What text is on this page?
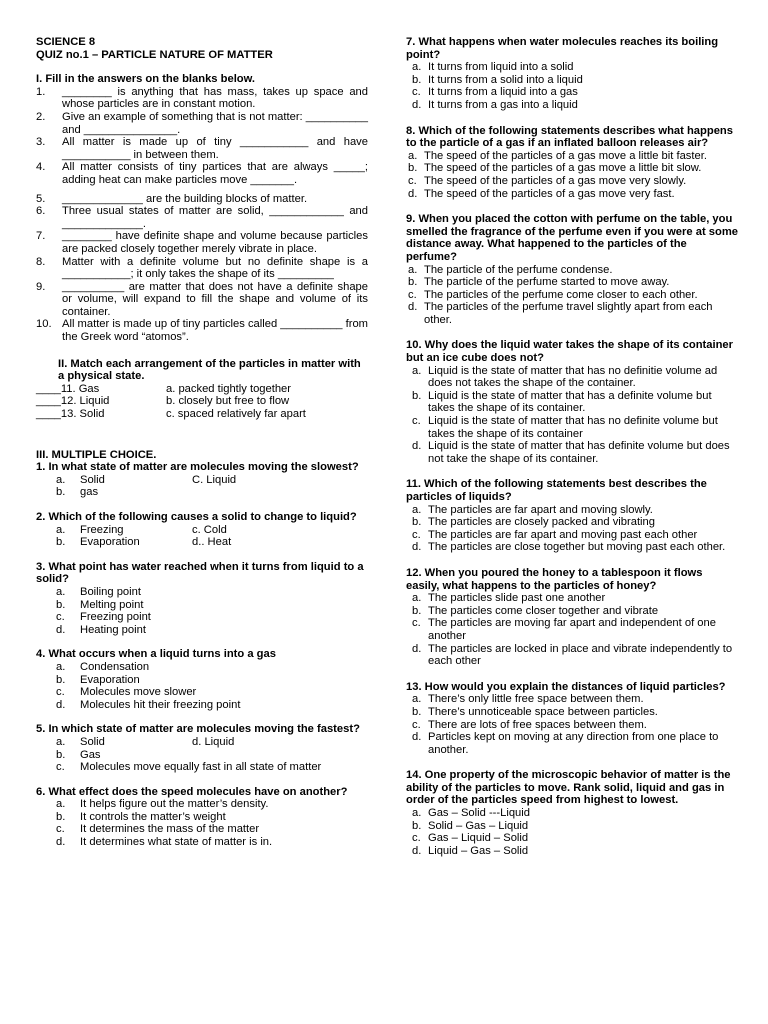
SCIENCE 8
QUIZ no.1 – PARTICLE NATURE OF MATTER
I. Fill in the answers on the blanks below.
1.	________ is anything that has mass, takes up space and whose particles are in constant motion.
2.	Give an example of something that is not matter: __________ and _______________.
3.	All matter is made up of tiny ___________ and have ___________ in between them.
4.	All matter consists of tiny partices that are always _____; adding heat can make particles move _______.
5.	_____________ are the building blocks of matter.
6.	Three usual states of matter are solid, ____________ and _____________.
7.	________ have definite shape and volume because particles are packed closely together merely vibrate in place.
8.	Matter with a definite volume but no definite shape is a ___________; it only takes the shape of its _________
9.	__________ are matter that does not have a definite shape or volume, will expand to fill the shape and volume of its container.
10. All matter is made up of tiny particles called __________ from the Greek word “atomos”.
II. Match each arrangement of the particles in matter with a physical state.
____11. Gas	a. packed tightly together
____12. Liquid	b. closely but free to flow
____13. Solid	c. spaced relatively far apart
III. MULTIPLE CHOICE.
1. In what state of matter are molecules moving the slowest?
a.	Solid	C. Liquid
b.	gas
2. Which of the following causes a solid to change to liquid?
a.	Freezing	c. Cold
b.	Evaporation	d.. Heat
3. What point has water reached when it turns from liquid to a solid?
a.	Boiling point
b.	Melting point
c.	Freezing point
d.	Heating point
4. What occurs when a liquid turns into a gas
a.	Condensation
b.	Evaporation
c.	Molecules move slower
d.	Molecules hit their freezing point
5. In which state of matter are molecules moving the fastest?
a.	Solid	d. Liquid
b.	Gas
c.	Molecules move equally fast in all state of matter
6. What effect does the speed molecules have on another?
a.	It helps figure out the matter’s density.
b.	It controls the matter’s weight
c.	It determines the mass of the matter
d.	It determines what state of matter is in.
7. What happens when water molecules reaches its boiling point?
a. It turns from liquid into a solid
b. It turns from a solid into a liquid
c. It turns from a liquid into a gas
d. It turns from a gas into a liquid
8. Which of the following statements describes what happens to the particle of a gas if an inflated balloon releases air?
a. The speed of the particles of a gas move a little bit faster.
b. The speed of the particles of a gas move a little bit slow.
c. The speed of the particles of a gas move very slowly.
d. The speed of the particles of a gas move very fast.
9. When you placed the cotton with perfume on the table, you smelled the fragrance of the perfume even if you were at some distance away. What happened to the particles of the perfume?
a. The particle of the perfume condense.
b. The particle of the perfume started to move away.
c. The particles of the perfume come closer to each other.
d. The particles of the perfume travel slightly apart from each other.
10. Why does the liquid water takes the shape of its container but an ice cube does not?
a. Liquid is the state of matter that has no definitie volume ad does not takes the shape of the container.
b. Liquid is the state of matter that has a definite volume but takes the shape of its container.
c. Liquid is the state of matter that has no definite volume but takes the shape of its container
d. Liquid is the state of matter that has definite volume but does not take the shape of its container.
11. Which of the following statements best describes the particles of liquids?
a. The particles are far apart and moving slowly.
b. The particles are closely packed and vibrating
c. The particles are far apart and moving past each other
d. The particles are close together but moving past each other.
12. When you poured the honey to a tablespoon it flows easily, what happens to the particles of honey?
a. The particles slide past one another
b. The particles come closer together and vibrate
c. The particles are moving far apart and independent of one another
d. The particles are locked in place and vibrate independently to each other
13. How would you explain the distances of liquid particles?
a. There’s only little free space between them.
b. There’s unnoticeable space between particles.
c. There are lots of free spaces between them.
d. Particles kept on moving at any direction from one place to another.
14. One property of the microscopic behavior of matter is the ability of the particles to move. Rank solid, liquid and gas in order of the particles speed from highest to lowest.
a. Gas – Solid ---Liquid
b. Solid – Gas – Liquid
c. Gas – Liquid – Solid
d. Liquid – Gas – Solid
